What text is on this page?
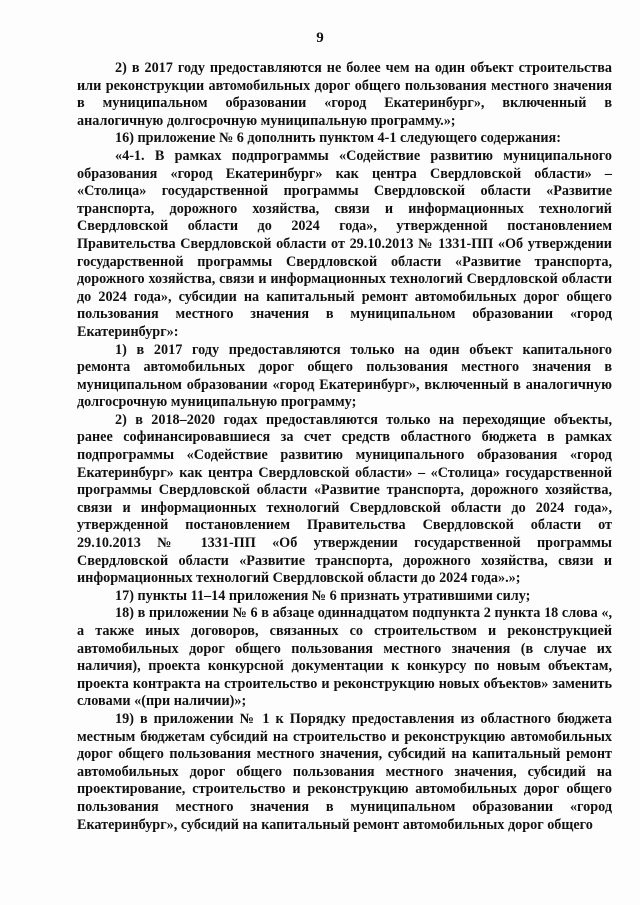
9

2) в 2017 году предоставляются не более чем на один объект строительства или реконструкции автомобильных дорог общего пользования местного значения в муниципальном образовании «город Екатеринбург», включенный в аналогичную долгосрочную муниципальную программу.»;

16) приложение № 6 дополнить пунктом 4-1 следующего содержания:

«4-1. В рамках подпрограммы «Содействие развитию муниципального образования «город Екатеринбург» как центра Свердловской области» – «Столица» государственной программы Свердловской области «Развитие транспорта, дорожного хозяйства, связи и информационных технологий Свердловской области до 2024 года», утвержденной постановлением Правительства Свердловской области от 29.10.2013 № 1331-ПП «Об утверждении государственной программы Свердловской области «Развитие транспорта, дорожного хозяйства, связи и информационных технологий Свердловской области до 2024 года», субсидии на капитальный ремонт автомобильных дорог общего пользования местного значения в муниципальном образовании «город Екатеринбург»:

1) в 2017 году предоставляются только на один объект капитального ремонта автомобильных дорог общего пользования местного значения в муниципальном образовании «город Екатеринбург», включенный в аналогичную долгосрочную муниципальную программу;

2) в 2018–2020 годах предоставляются только на переходящие объекты, ранее софинансировавшиеся за счет средств областного бюджета в рамках подпрограммы «Содействие развитию муниципального образования «город Екатеринбург» как центра Свердловской области» – «Столица» государственной программы Свердловской области «Развитие транспорта, дорожного хозяйства, связи и информационных технологий Свердловской области до 2024 года», утвержденной постановлением Правительства Свердловской области от 29.10.2013 № 1331-ПП «Об утверждении государственной программы Свердловской области «Развитие транспорта, дорожного хозяйства, связи и информационных технологий Свердловской области до 2024 года».»;

17) пункты 11–14 приложения № 6 признать утратившими силу;

18) в приложении № 6 в абзаце одиннадцатом подпункта 2 пункта 18 слова «, а также иных договоров, связанных со строительством и реконструкцией автомобильных дорог общего пользования местного значения (в случае их наличия), проекта конкурсной документации к конкурсу по новым объектам, проекта контракта на строительство и реконструкцию новых объектов» заменить словами «(при наличии)»;

19) в приложении № 1 к Порядку предоставления из областного бюджета местным бюджетам субсидий на строительство и реконструкцию автомобильных дорог общего пользования местного значения, субсидий на капитальный ремонт автомобильных дорог общего пользования местного значения, субсидий на проектирование, строительство и реконструкцию автомобильных дорог общего пользования местного значения в муниципальном образовании «город Екатеринбург», субсидий на капитальный ремонт автомобильных дорог общего
